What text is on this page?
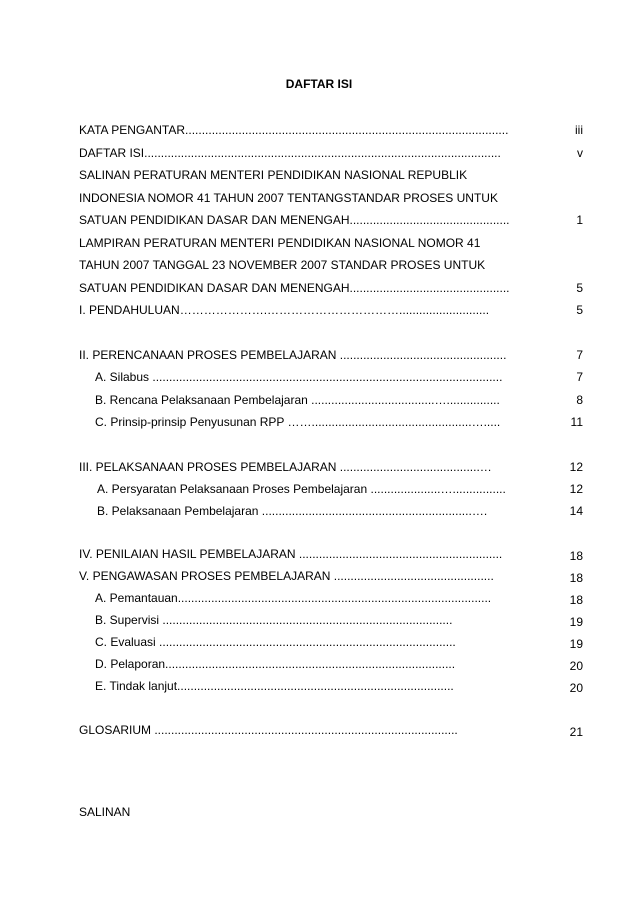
DAFTAR ISI
KATA PENGANTAR.................................................................................................	iii
DAFTAR ISI...........................................................................................................	v
SALINAN PERATURAN MENTERI PENDIDIKAN NASIONAL REPUBLIK
INDONESIA NOMOR 41 TAHUN 2007 TENTANGSTANDAR PROSES UNTUK
SATUAN PENDIDIKAN DASAR DAN MENENGAH................................................	1
LAMPIRAN PERATURAN MENTERI PENDIDIKAN NASIONAL NOMOR 41
TAHUN 2007 TANGGAL 23 NOVEMBER 2007 STANDAR PROSES UNTUK
SATUAN PENDIDIKAN DASAR DAN MENENGAH................................................	5
I. PENDAHULUAN………………….……………………………...........................	5
II. PERENCANAAN PROSES PEMBELAJARAN ..................................................	7
A. Silabus .........................................................................................................	7
B. Rencana Pelaksanaan Pembelajaran .....................................…................	8
C. Prinsip-prinsip Penyusunan RPP ……................................................….....	11
III. PELAKSANAAN PROSES PEMBELAJARAN ..........................................…	12
A. Persyaratan Pelaksanaan Proses Pembelajaran .....................…................	12
B. Pelaksanaan Pembelajaran ...............................................................….	14
IV. PENILAIAN HASIL PEMBELAJARAN .............................................................	18
V. PENGAWASAN PROSES PEMBELAJARAN ................................................	18
A. Pemantauan..............................................................................................	18
B. Supervisi .......................................................................................	19
C. Evaluasi .........................................................................................	19
D. Pelaporan.......................................................................................	20
E. Tindak lanjut...................................................................................	20
GLOSARIUM ...........................................................................................	21
SALINAN
